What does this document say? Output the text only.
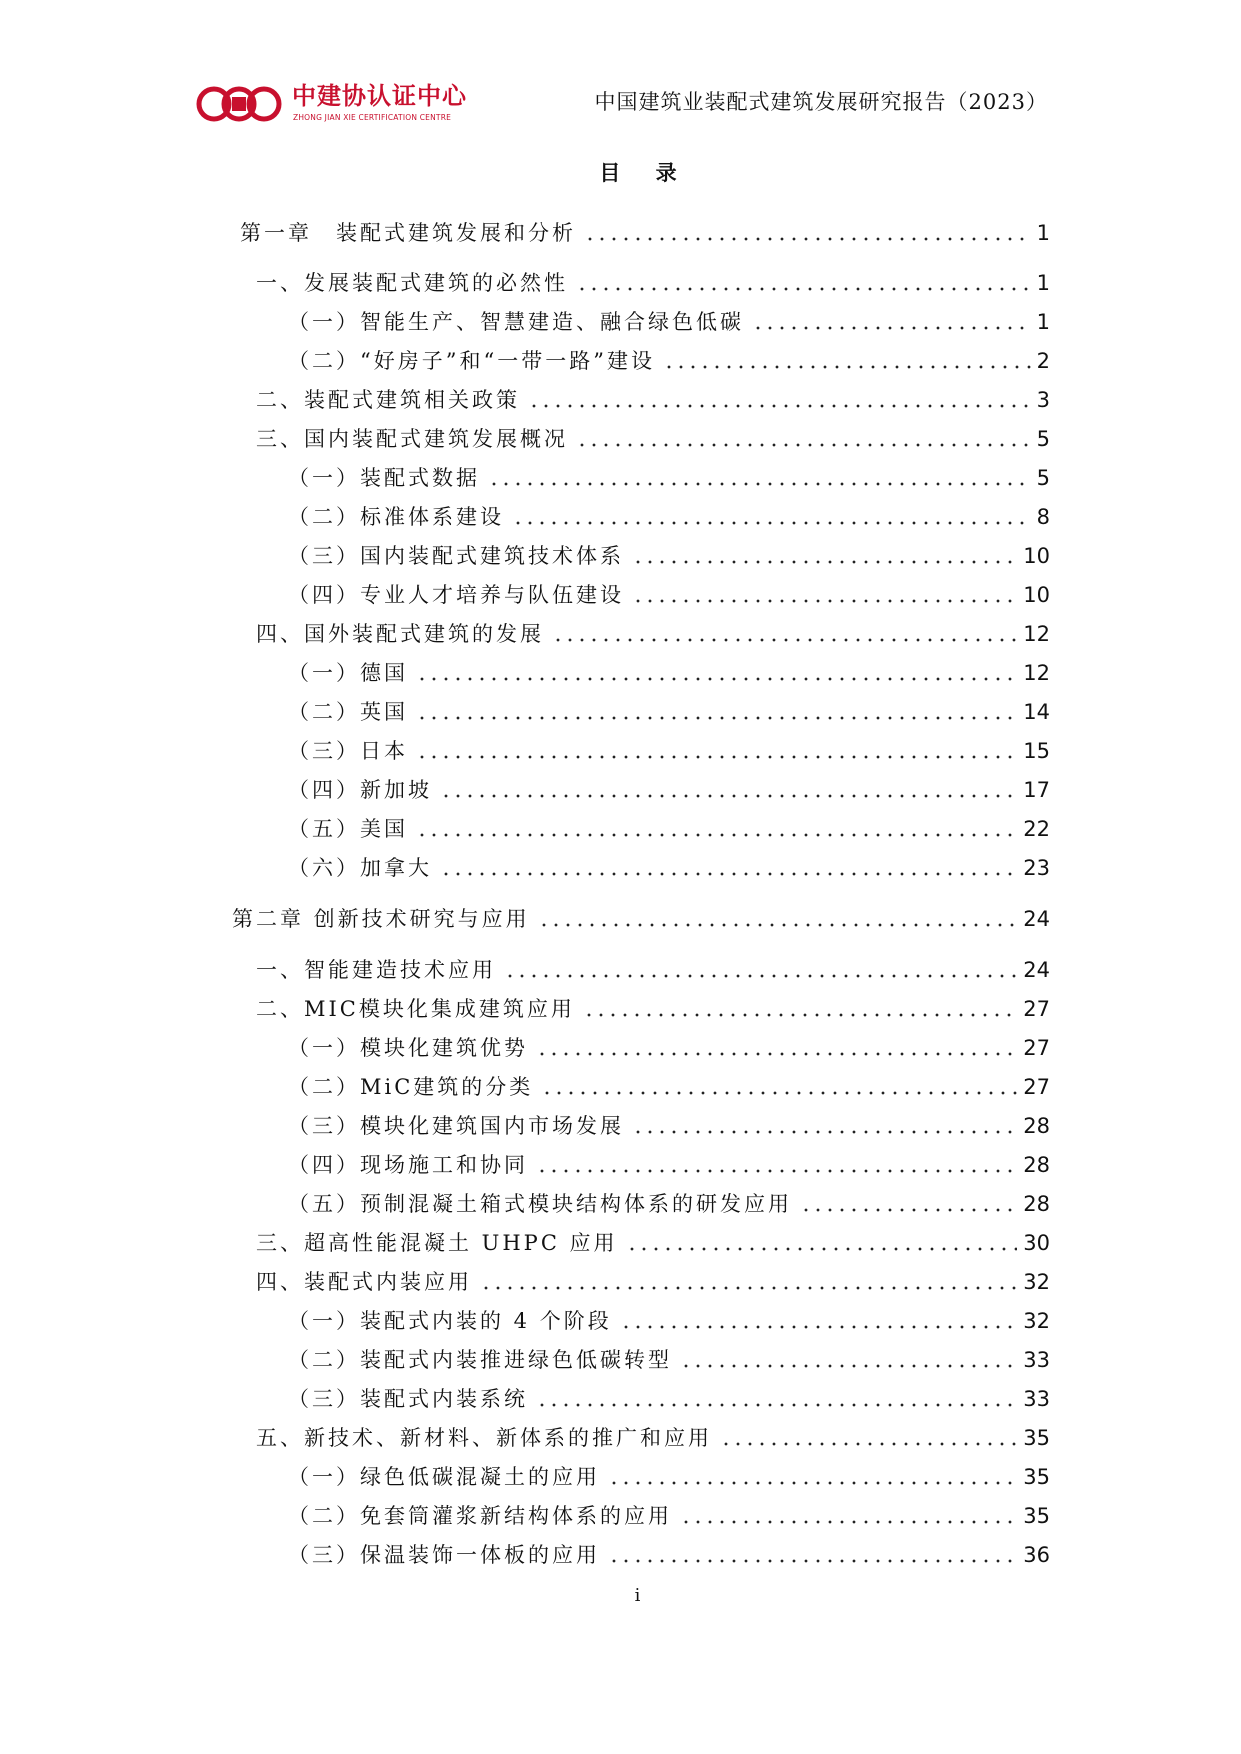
中建协认证中心
ZHONG JIAN XIE CERTIFICATION CENTRE
中国建筑业装配式建筑发展研究报告（2023）
目 录
第一章　装配式建筑发展和分析	1
一、发展装配式建筑的必然性	1
（一）智能生产、智慧建造、融合绿色低碳	1
（二）“好房子”和“一带一路”建设	2
二、装配式建筑相关政策	3
三、国内装配式建筑发展概况	5
（一）装配式数据	5
（二）标准体系建设	8
（三）国内装配式建筑技术体系	10
（四）专业人才培养与队伍建设	10
四、国外装配式建筑的发展	12
（一）德国	12
（二）英国	14
（三）日本	15
（四）新加坡	17
（五）美国	22
（六）加拿大	23
第二章 创新技术研究与应用	24
一、智能建造技术应用	24
二、MIC模块化集成建筑应用	27
（一）模块化建筑优势	27
（二）MiC建筑的分类	27
（三）模块化建筑国内市场发展	28
（四）现场施工和协同	28
（五）预制混凝土箱式模块结构体系的研发应用	28
三、超高性能混凝土 UHPC 应用	30
四、装配式内装应用	32
（一）装配式内装的 4 个阶段	32
（二）装配式内装推进绿色低碳转型	33
（三）装配式内装系统	33
五、新技术、新材料、新体系的推广和应用	35
（一）绿色低碳混凝土的应用	35
（二）免套筒灌浆新结构体系的应用	35
（三）保温装饰一体板的应用	36
i
